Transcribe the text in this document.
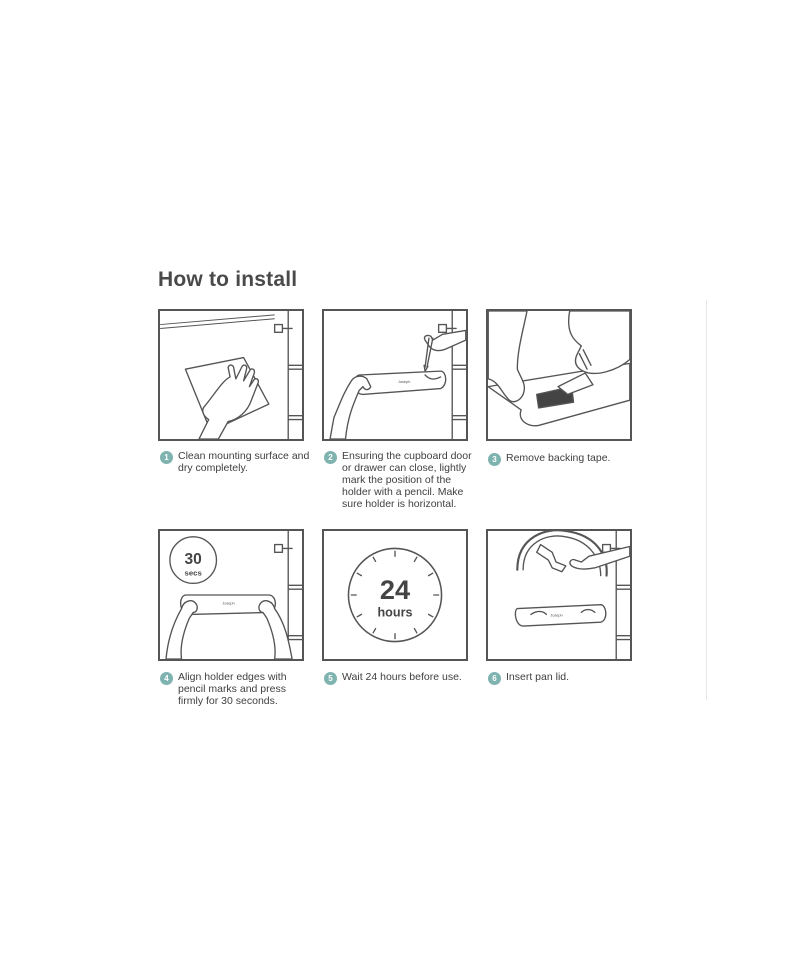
How to install
1 Clean mounting surface and dry completely.
Joseph
2 Ensuring the cupboard door or drawer can close, lightly mark the position of the holder with a pencil. Make sure holder is horizontal.
3 Remove backing tape.
30
secs
Joseph
4 Align holder edges with pencil marks and press firmly for 30 seconds.
24
hours
5 Wait 24 hours before use.
Joseph
6 Insert pan lid.
